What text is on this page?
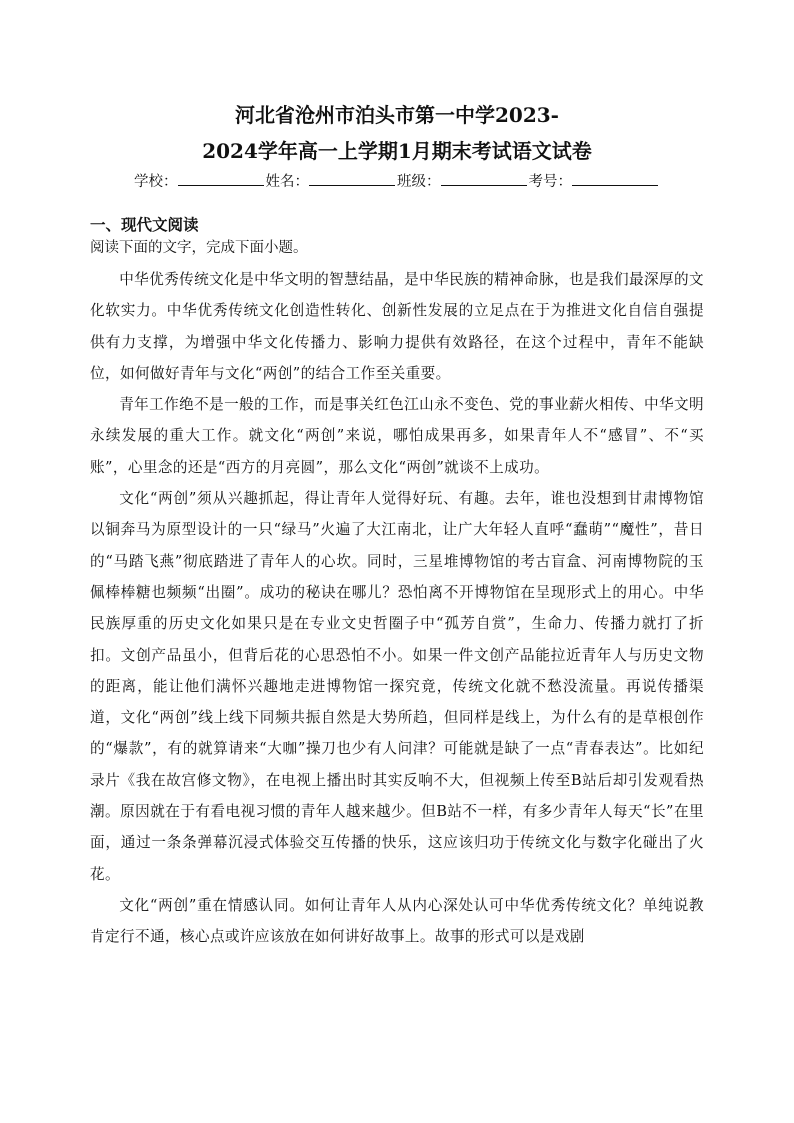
河北省沧州市泊头市第一中学2023-
2024学年高一上学期1月期末考试语文试卷
学校：	姓名：	班级：	考号：
一、现代文阅读
阅读下面的文字，完成下面小题。

中华优秀传统文化是中华文明的智慧结晶，是中华民族的精神命脉，也是我们最深厚的文化软实力。中华优秀传统文化创造性转化、创新性发展的立足点在于为推进文化自信自强提供有力支撑，为增强中华文化传播力、影响力提供有效路径，在这个过程中，青年不能缺位，如何做好青年与文化“两创”的结合工作至关重要。

青年工作绝不是一般的工作，而是事关红色江山永不变色、党的事业薪火相传、中华文明永续发展的重大工作。就文化“两创”来说，哪怕成果再多，如果青年人不“感冒”、不“买账”，心里念的还是“西方的月亮圆”，那么文化“两创”就谈不上成功。

文化“两创”须从兴趣抓起，得让青年人觉得好玩、有趣。去年，谁也没想到甘肃博物馆以铜奔马为原型设计的一只“绿马”火遍了大江南北，让广大年轻人直呼“蠢萌”“魔性”，昔日的“马踏飞燕”彻底踏进了青年人的心坎。同时，三星堆博物馆的考古盲盒、河南博物院的玉佩棒棒糖也频频“出圈”。成功的秘诀在哪儿？恐怕离不开博物馆在呈现形式上的用心。中华民族厚重的历史文化如果只是在专业文史哲圈子中“孤芳自赏”，生命力、传播力就打了折扣。文创产品虽小，但背后花的心思恐怕不小。如果一件文创产品能拉近青年人与历史文物的距离，能让他们满怀兴趣地走进博物馆一探究竟，传统文化就不愁没流量。再说传播渠道，文化“两创”线上线下同频共振自然是大势所趋，但同样是线上，为什么有的是草根创作的“爆款”，有的就算请来“大咖”操刀也少有人问津？可能就是缺了一点“青春表达”。比如纪录片《我在故宫修文物》，在电视上播出时其实反响不大，但视频上传至B站后却引发观看热潮。原因就在于有看电视习惯的青年人越来越少。但B站不一样，有多少青年人每天“长”在里面，通过一条条弹幕沉浸式体验交互传播的快乐，这应该归功于传统文化与数字化碰出了火花。

文化“两创”重在情感认同。如何让青年人从内心深处认可中华优秀传统文化？单纯说教肯定行不通，核心点或许应该放在如何讲好故事上。故事的形式可以是戏剧
